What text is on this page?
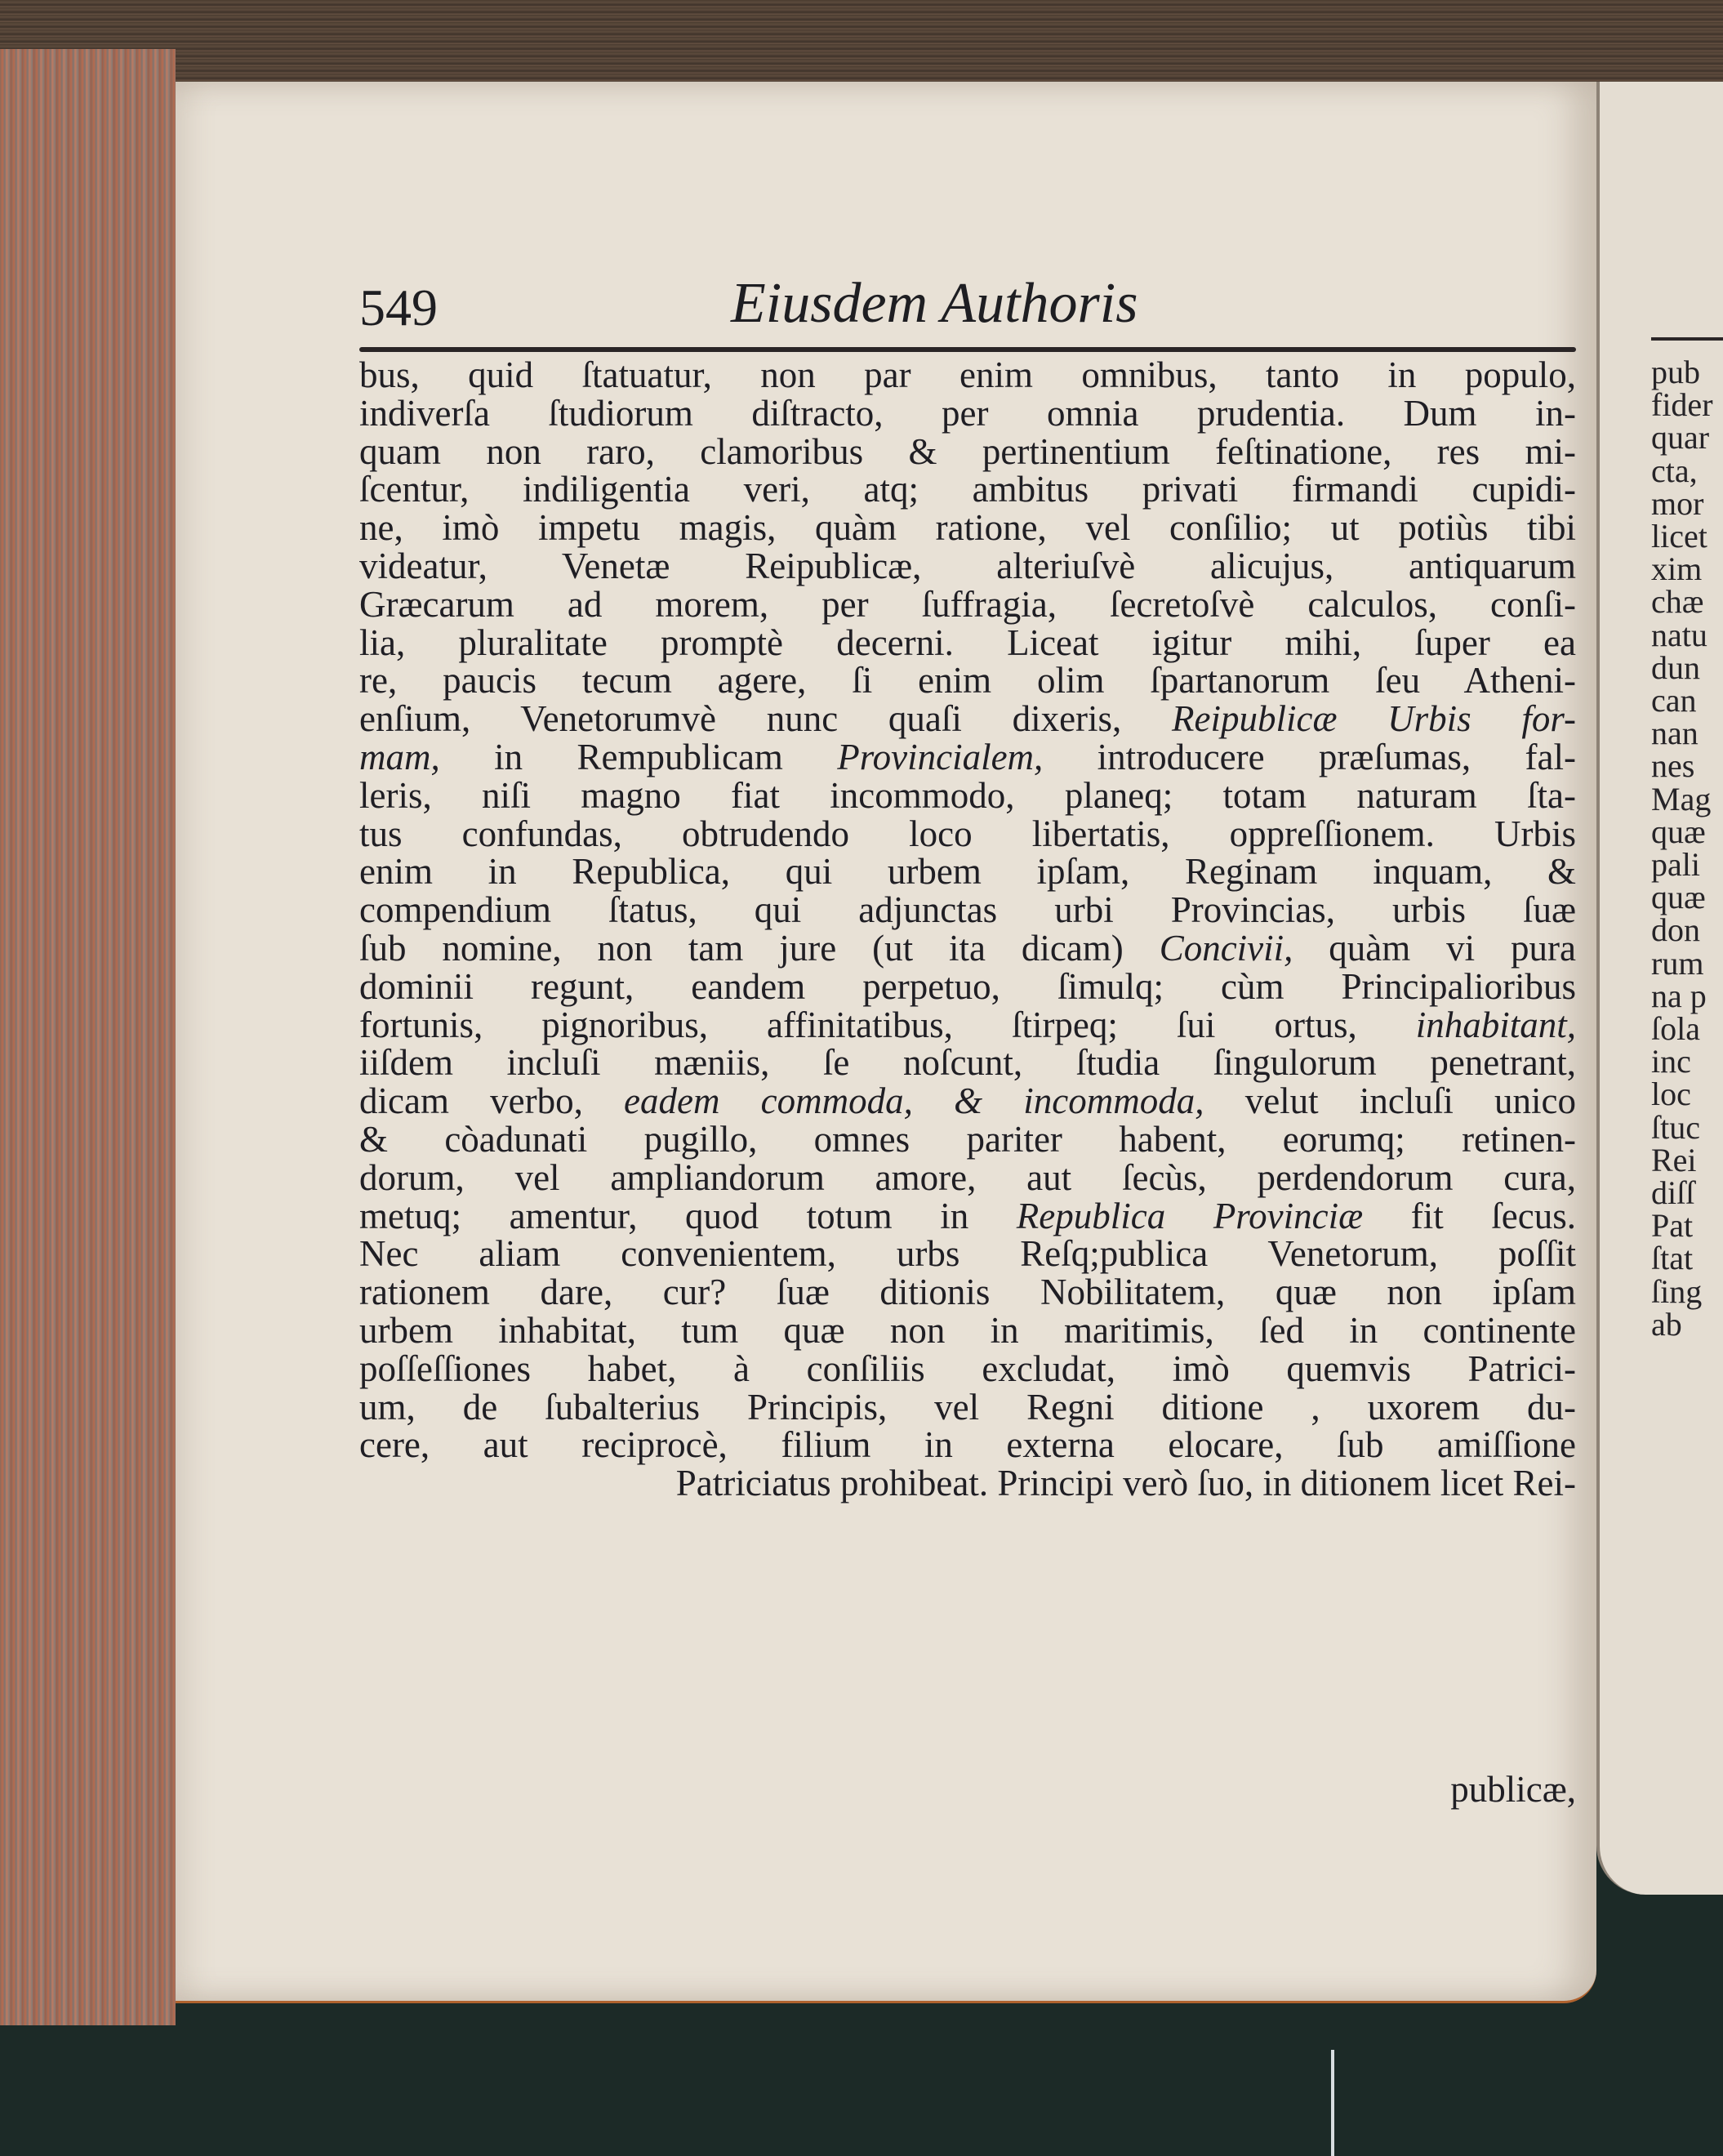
549	Eiusdem Authoris
bus, quid ſtatuatur, non par enim omnibus, tanto in populo,
indiverſa ſtudiorum diſtracto, per omnia prudentia. Dum in-
quam non raro, clamoribus & pertinentium feſtinatione, res mi-
ſcentur, indiligentia veri, atq; ambitus privati firmandi cupidi-
ne, imò impetu magis, quàm ratione, vel conſilio; ut potiùs tibi
videatur, Venetæ Reipublicæ, alteriuſvè alicujus, antiquarum
Græcarum ad morem, per ſuffragia, ſecretoſvè calculos, conſi-
lia, pluralitate promptè decerni. Liceat igitur mihi, ſuper ea
re, paucis tecum agere, ſi enim olim ſpartanorum ſeu Atheni-
enſium, Venetorumvè nunc quaſi dixeris, Reipublicæ Urbis for-
mam, in Rempublicam Provincialem, introducere præſumas, fal-
leris, niſi magno fiat incommodo, planeq; totam naturam ſta-
tus confundas, obtrudendo loco libertatis, oppreſſionem. Urbis
enim in Republica, qui urbem ipſam, Reginam inquam, &
compendium ſtatus, qui adjunctas urbi Provincias, urbis ſuæ
ſub nomine, non tam jure (ut ita dicam) Concivii, quàm vi pura
dominii regunt, eandem perpetuo, ſimulq; cùm Principalioribus
fortunis, pignoribus, affinitatibus, ſtirpeq; ſui ortus, inhabitant,
iiſdem incluſi mæniis, ſe noſcunt, ſtudia ſingulorum penetrant,
dicam verbo, eadem commoda, & incommoda, velut incluſi unico
& còadunati pugillo, omnes pariter habent, eorumq; retinen-
dorum, vel ampliandorum amore, aut ſecùs, perdendorum cura,
metuq; amentur, quod totum in Republica Provinciæ fit ſecus.
Nec aliam convenientem, urbs Reſq;publica Venetorum, poſſit
rationem dare, cur? ſuæ ditionis Nobilitatem, quæ non ipſam
urbem inhabitat, tum quæ non in maritimis, ſed in continente
poſſeſſiones habet, à conſiliis excludat, imò quemvis Patrici-
um, de ſubalterius Principis, vel Regni ditione , uxorem du-
cere, aut reciprocè, filium in externa elocare, ſub amiſſione
Patriciatus prohibeat. Principi verò ſuo, in ditionem licet Rei-
publicæ,
pub
fider
quar
cta,
mor
licet
xim
chæ
natu
dun
can
nan
nes
Mag
quæ
pali
quæ
don
rum
na p
ſola
inc
loc
ſtuc
Rei
diſſ
Pat
ſtat
ſing
ab
